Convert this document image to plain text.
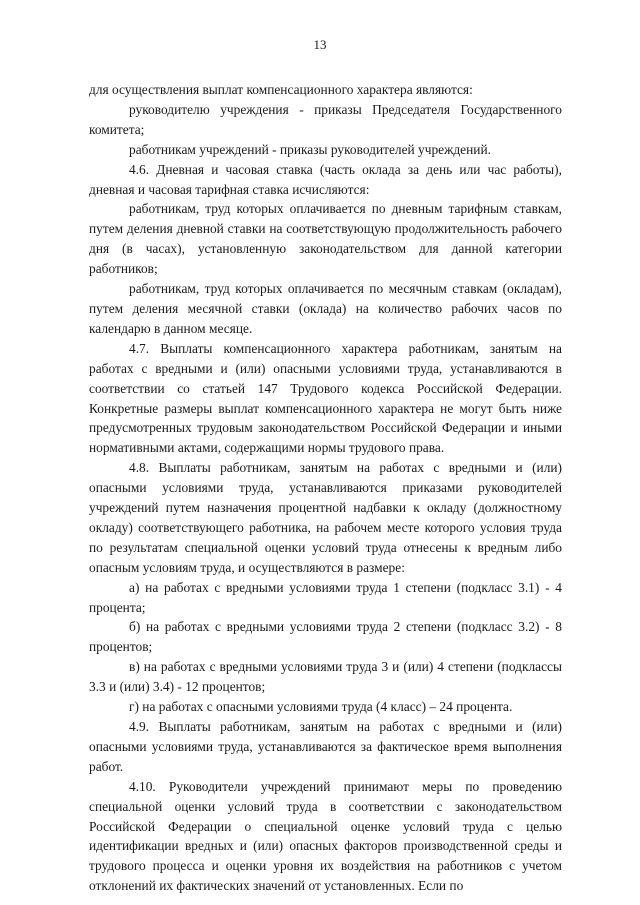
13

для осуществления выплат компенсационного характера являются:

руководителю учреждения - приказы Председателя Государственного комитета;

работникам учреждений - приказы руководителей учреждений.

4.6. Дневная и часовая ставка (часть оклада за день или час работы), дневная и часовая тарифная ставка исчисляются:

работникам, труд которых оплачивается по дневным тарифным ставкам, путем деления дневной ставки на соответствующую продолжительность рабочего дня (в часах), установленную законодательством для данной категории работников;

работникам, труд которых оплачивается по месячным ставкам (окладам), путем деления месячной ставки (оклада) на количество рабочих часов по календарю в данном месяце.

4.7. Выплаты компенсационного характера работникам, занятым на работах с вредными и (или) опасными условиями труда, устанавливаются в соответствии со статьей 147 Трудового кодекса Российской Федерации. Конкретные размеры выплат компенсационного характера не могут быть ниже предусмотренных трудовым законодательством Российской Федерации и иными нормативными актами, содержащими нормы трудового права.

4.8. Выплаты работникам, занятым на работах с вредными и (или) опасными условиями труда, устанавливаются приказами руководителей учреждений путем назначения процентной надбавки к окладу (должностному окладу) соответствующего работника, на рабочем месте которого условия труда по результатам специальной оценки условий труда отнесены к вредным либо опасным условиям труда, и осуществляются в размере:

а) на работах с вредными условиями труда 1 степени (подкласс 3.1) - 4 процента;

б) на работах с вредными условиями труда 2 степени (подкласс 3.2) - 8 процентов;

в) на работах с вредными условиями труда 3 и (или) 4 степени (подклассы 3.3 и (или) 3.4) - 12 процентов;

г) на работах с опасными условиями труда (4 класс) – 24 процента.

4.9. Выплаты работникам, занятым на работах с вредными и (или) опасными условиями труда, устанавливаются за фактическое время выполнения работ.

4.10. Руководители учреждений принимают меры по проведению специальной оценки условий труда в соответствии с законодательством Российской Федерации о специальной оценке условий труда с целью идентификации вредных и (или) опасных факторов производственной среды и трудового процесса и оценки уровня их воздействия на работников с учетом отклонений их фактических значений от установленных. Если по
